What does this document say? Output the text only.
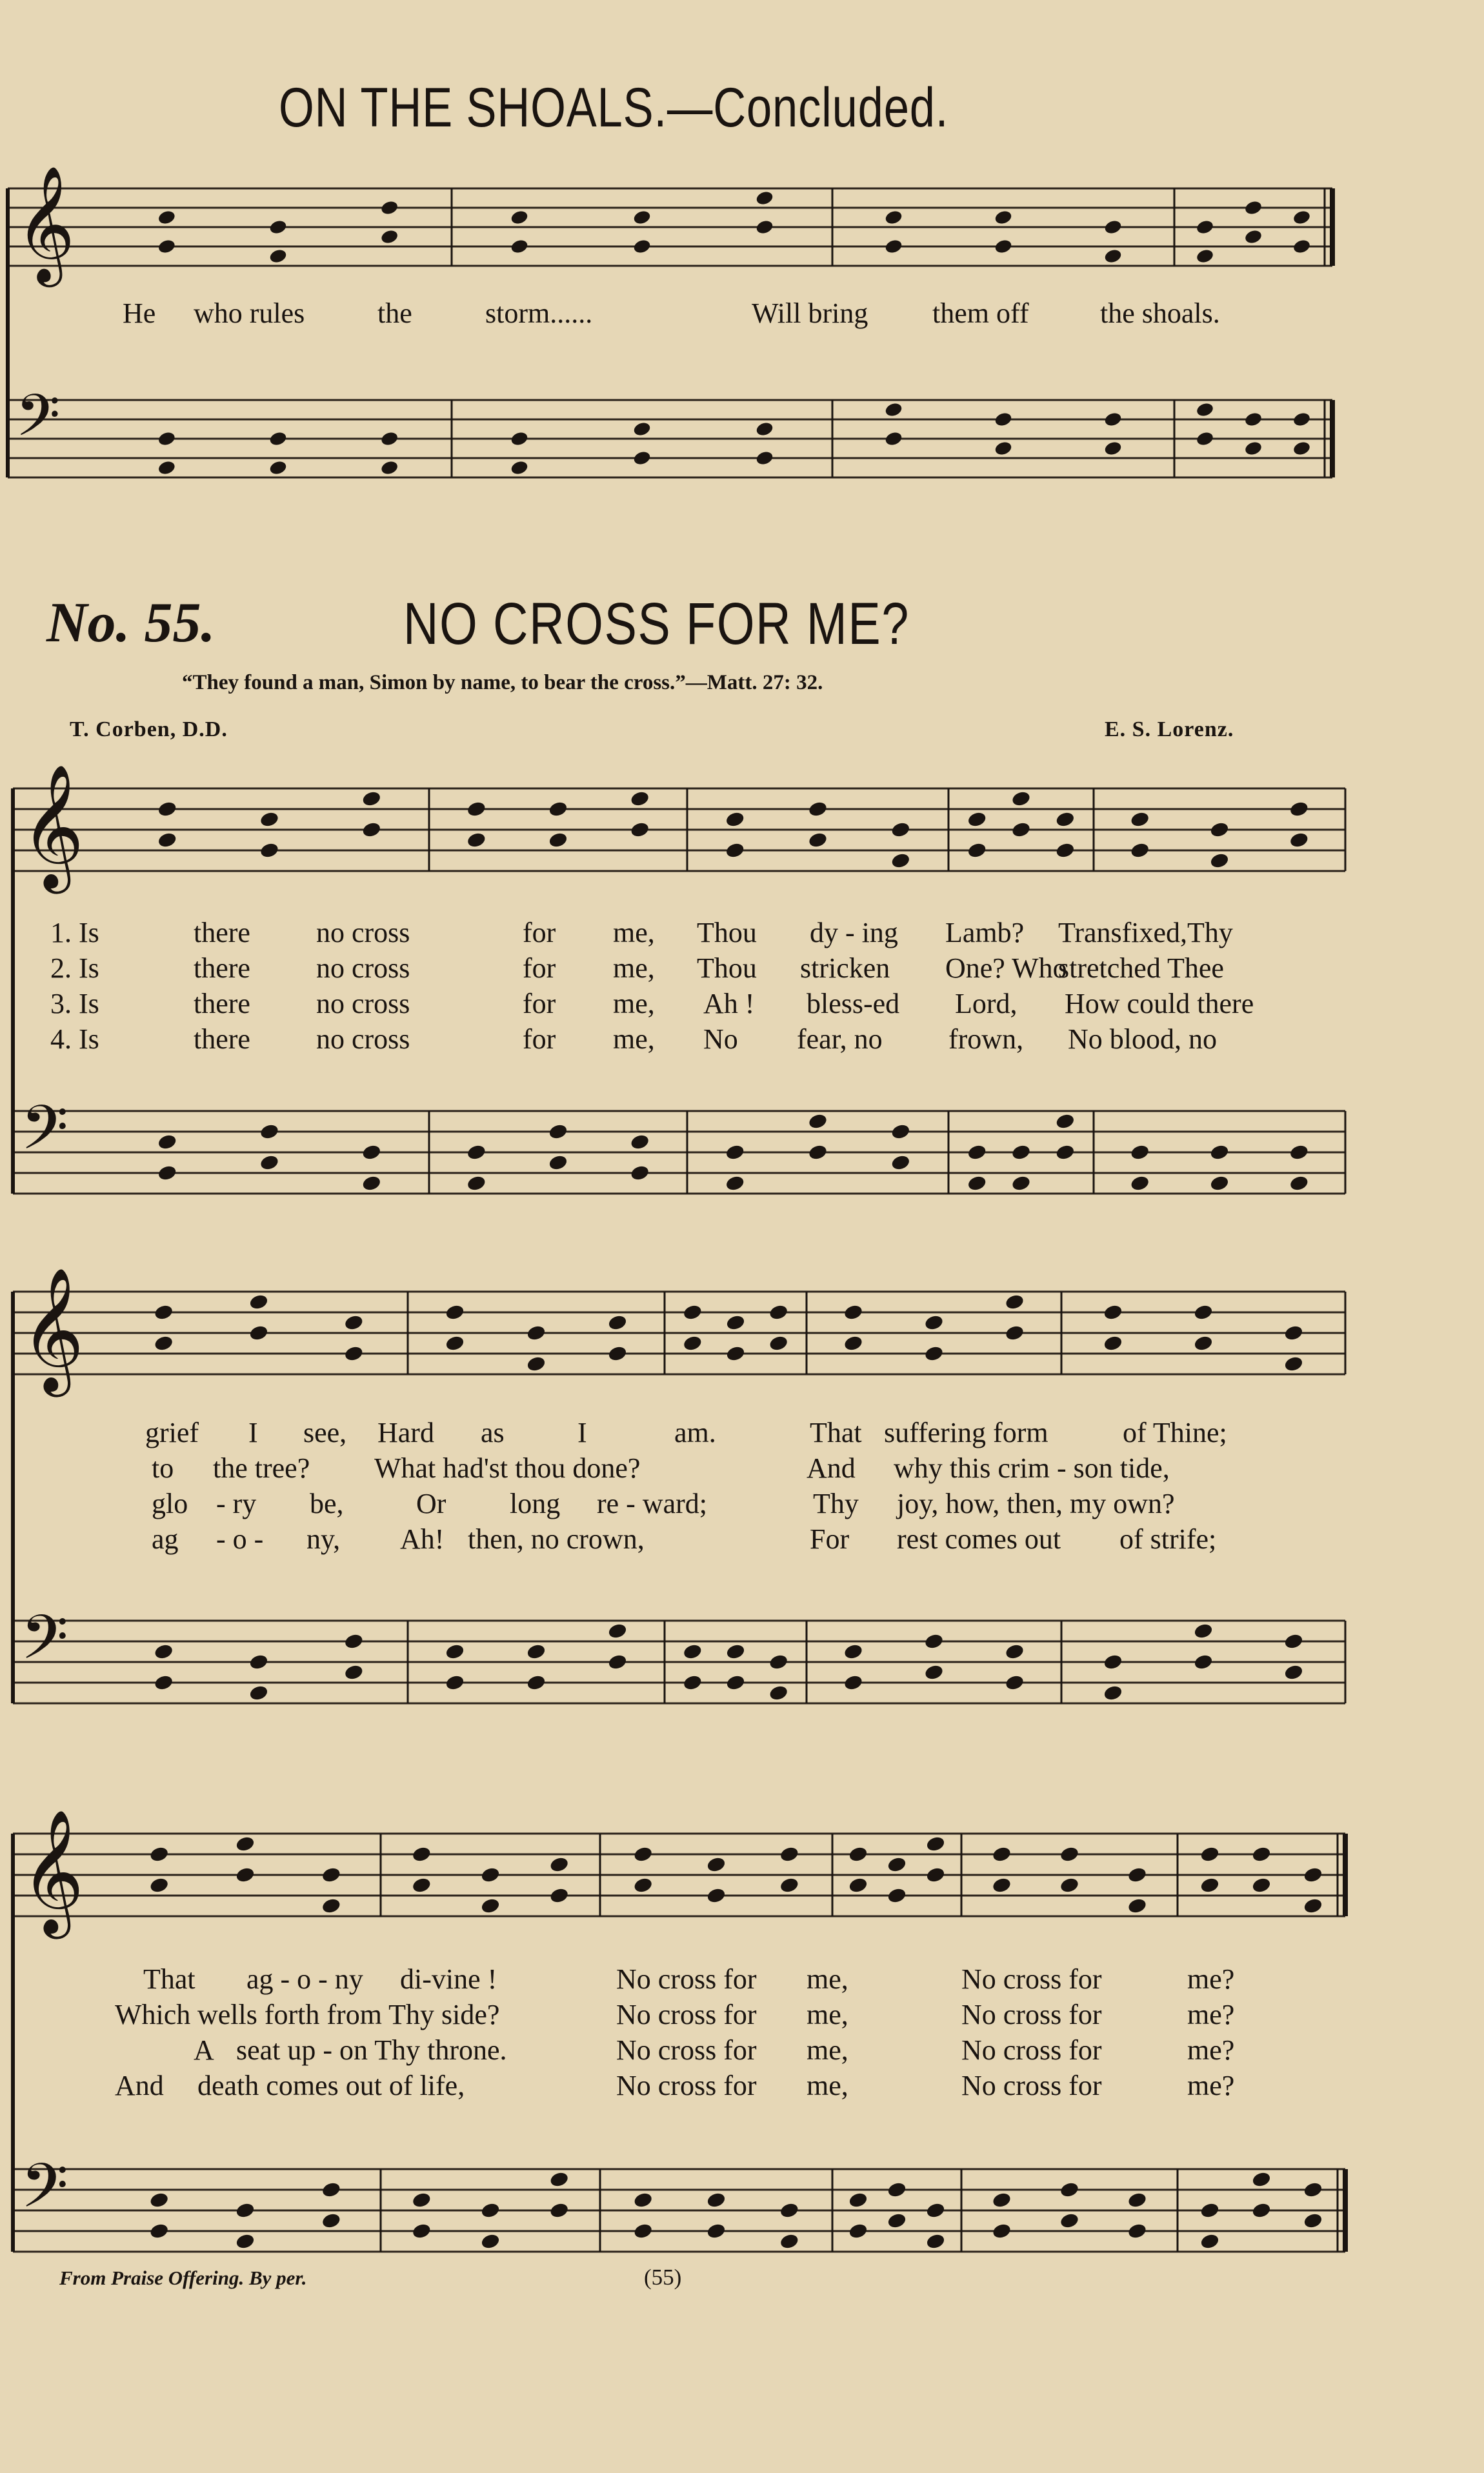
𝄞
𝄢
𝄞
𝄢
𝄞
𝄢
𝄞
𝄢
ON THE SHOALS.—Concluded.
He who rules	the	storm......	Will bring them off	the shoals.
No. 55.	NO CROSS FOR ME?
“They found a man, Simon by name, to bear the cross.”—Matt. 27: 32.
T. Corben, D.D.	E. S. Lorenz.
1. Is	there no cross	for me, Thou dy - ing Lamb? Transfixed,Thy
2. Is	there no cross	for me, Thou stricken One? Who
stretched Thee
3. Is	there no cross	for me, Ah ! bless-ed Lord, How could there
4. Is	there no cross	for me, No fear, no frown, No blood, no
grief I see, Hard as	I	am.	That suffering form	of Thine;
to the tree? What had'st thou done?	And why this crim - son tide,
glo - ry be,	Or long re - ward;	Thy joy, how, then, my own?
ag - o - ny, Ah! then, no crown,	For rest comes out of strife;
That ag - o - ny di-vine !	No cross for me,	No cross for	me?
Which wells forth from Thy side?	No cross for me,	No cross for	me?
A seat up - on Thy throne.	No cross for me,	No cross for	me?
And death comes out of life,	No cross for me,	No cross for	me?
From Praise Offering. By per.	(55)
